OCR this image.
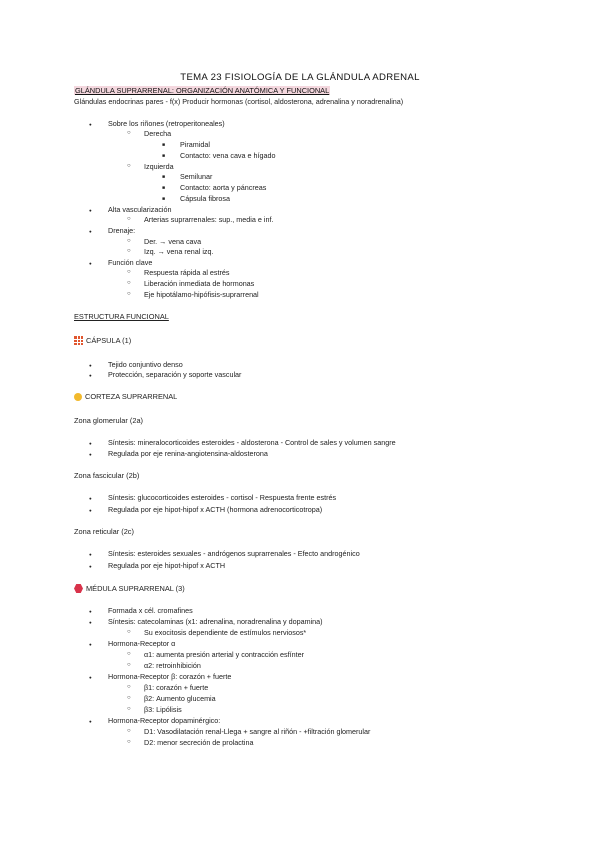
TEMA 23 FISIOLOGÍA DE LA GLÁNDULA ADRENAL
GLÁNDULA SUPRARRENAL: ORGANIZACIÓN ANATÓMICA Y FUNCIONAL
Glándulas endocrinas pares - f(x) Producir hormonas (cortisol, aldosterona, adrenalina y noradrenalina)
● Sobre los riñones (retroperitoneales)
○ Derecha
■ Piramidal
■ Contacto: vena cava e hígado
○ Izquierda
■ Semilunar
■ Contacto: aorta y páncreas
■ Cápsula fibrosa
● Alta vascularización
○ Arterias suprarrenales: sup., media e inf.
● Drenaje:
○ Der. → vena cava
○ Izq. → vena renal izq.
● Función clave
○ Respuesta rápida al estrés
○ Liberación inmediata de hormonas
○ Eje hipotálamo-hipófisis-suprarrenal
ESTRUCTURA FUNCIONAL
CÁPSULA (1)
● Tejido conjuntivo denso
● Protección, separación y soporte vascular
CORTEZA SUPRARRENAL
Zona glomerular (2a)
● Síntesis: mineralocorticoides esteroides - aldosterona - Control de sales y volumen sangre
● Regulada por eje renina-angiotensina-aldosterona
Zona fascicular (2b)
● Síntesis: glucocorticoides esteroides - cortisol - Respuesta frente estrés
● Regulada por eje hipot-hipof x ACTH (hormona adrenocorticotropa)
Zona reticular (2c)
● Síntesis: esteroides sexuales - andrógenos suprarrenales - Efecto androgénico
● Regulada por eje hipot-hipof x ACTH
MÉDULA SUPRARRENAL (3)
● Formada x cél. cromafines
● Síntesis: catecolaminas (x1: adrenalina, noradrenalina y dopamina)
○ Su exocitosis dependiente de estímulos nerviosos*
● Hormona-Receptor α
○ α1: aumenta presión arterial y contracción esfínter
○ α2: retroinhibición
● Hormona-Receptor β: corazón + fuerte
○ β1: corazón + fuerte
○ β2: Aumento glucemia
○ β3: Lipólisis
● Hormona-Receptor dopaminérgico:
○ D1: Vasodilatación renal-Llega + sangre al riñón - +filtración glomerular
○ D2: menor secreción de prolactina
